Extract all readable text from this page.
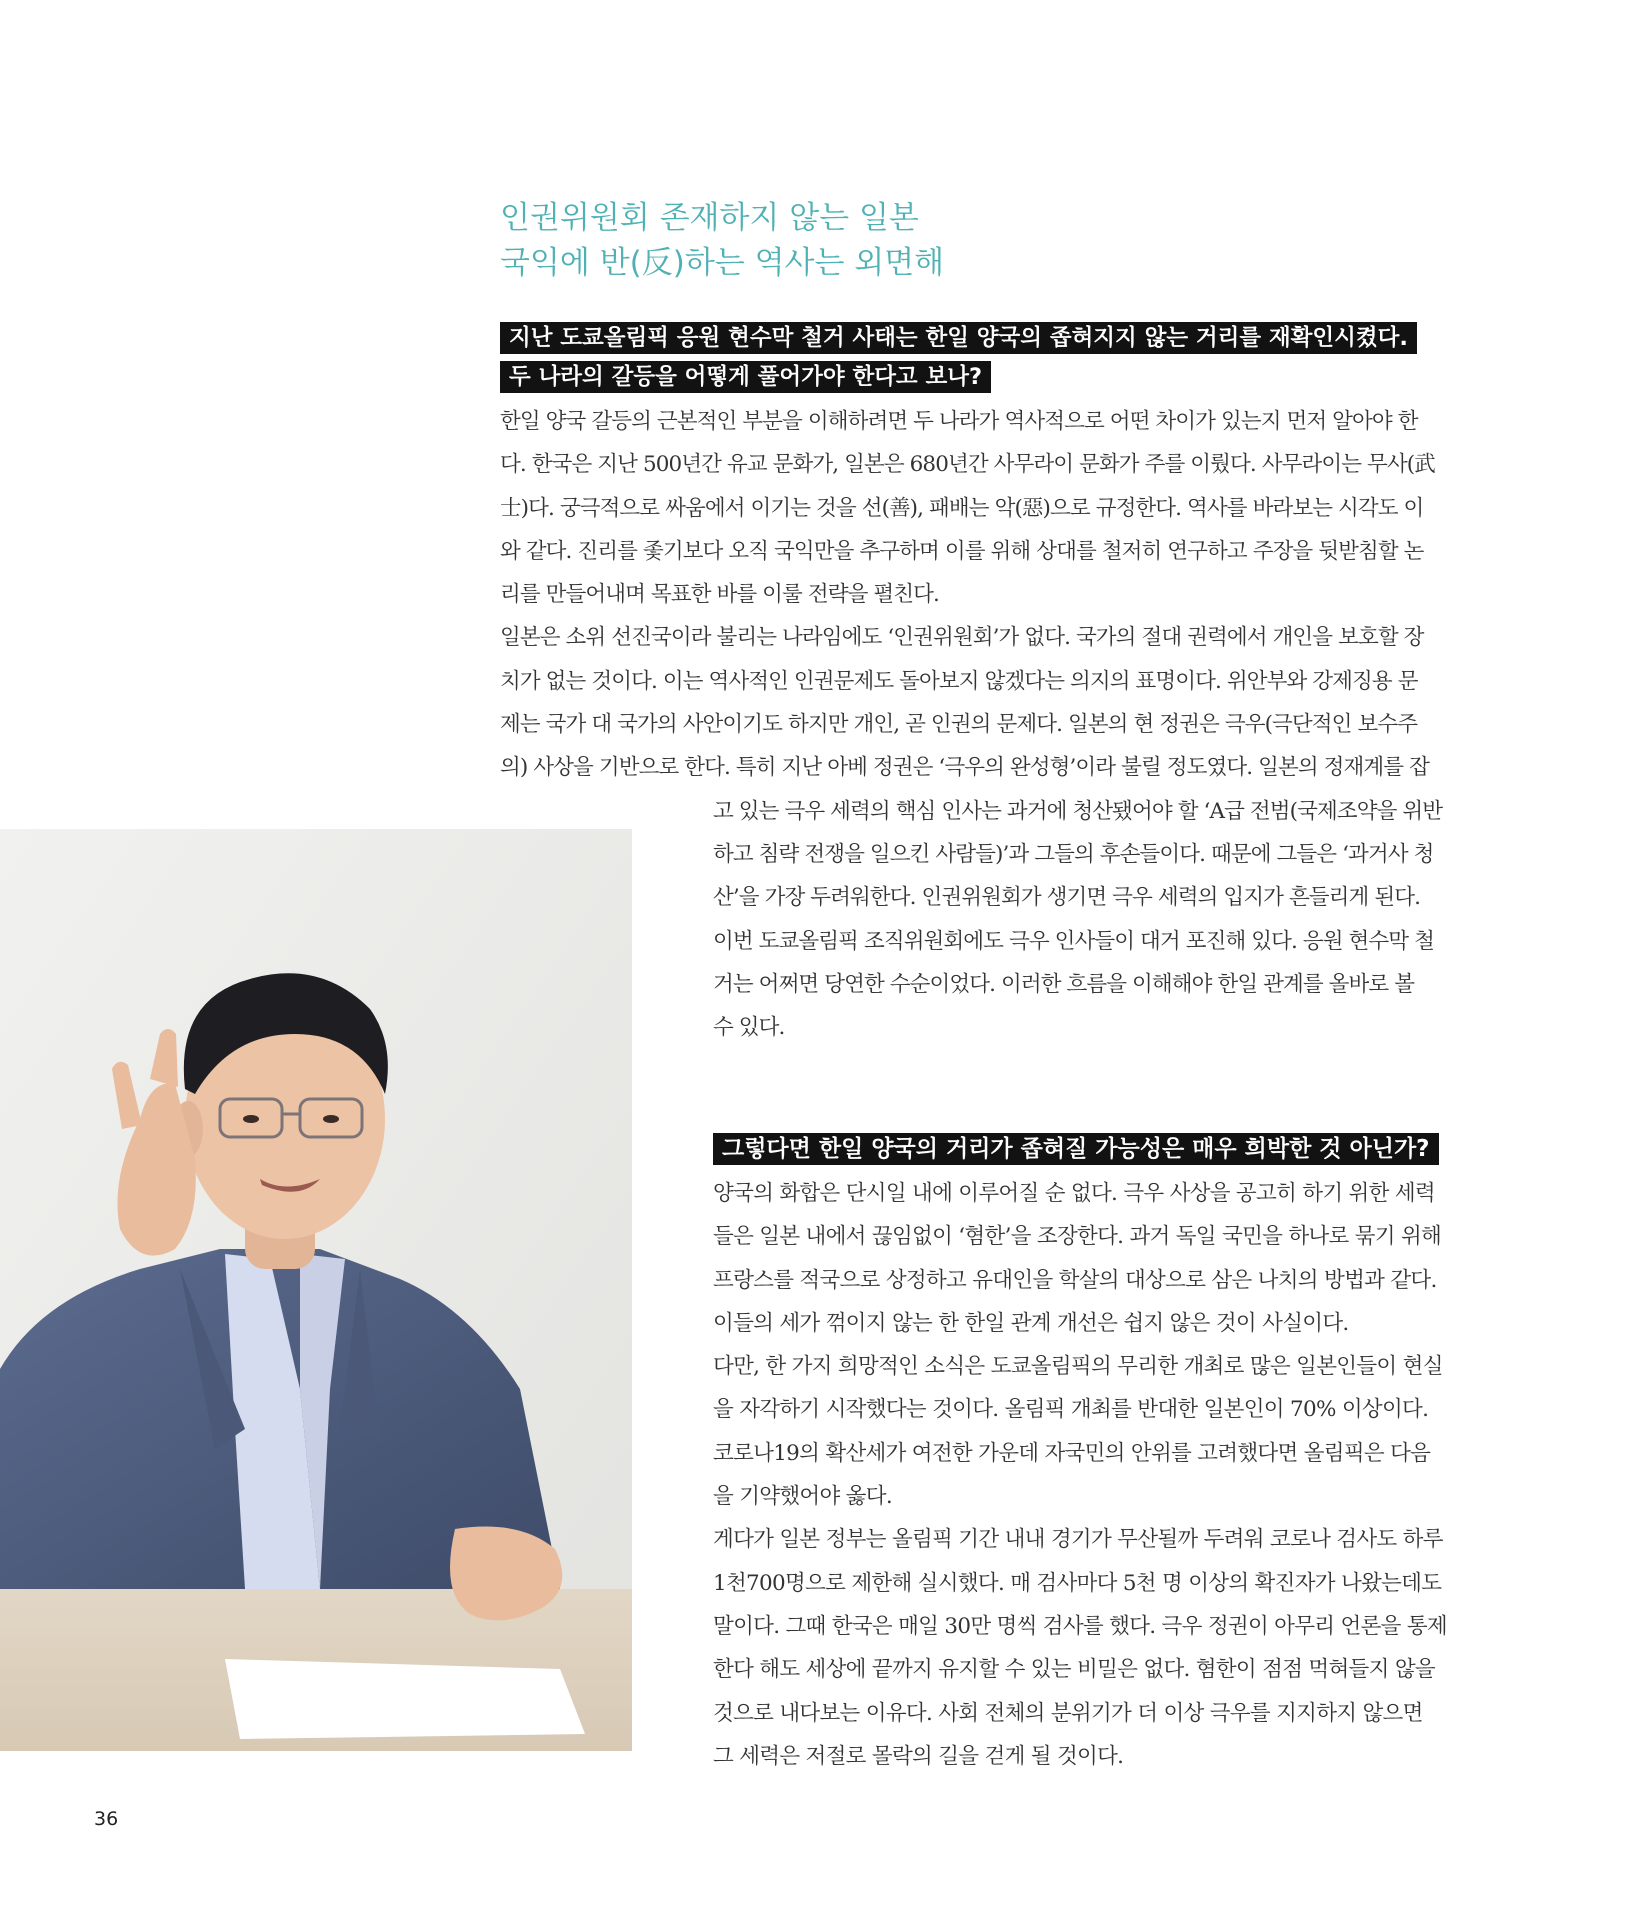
인권위원회 존재하지 않는 일본
국익에 반(反)하는 역사는 외면해
지난 도쿄올림픽 응원 현수막 철거 사태는 한일 양국의 좁혀지지 않는 거리를 재확인시켰다.
두 나라의 갈등을 어떻게 풀어가야 한다고 보나?
한일 양국 갈등의 근본적인 부분을 이해하려면 두 나라가 역사적으로 어떤 차이가 있는지 먼저 알아야 한
다. 한국은 지난 500년간 유교 문화가, 일본은 680년간 사무라이 문화가 주를 이뤘다. 사무라이는 무사(武
士)다. 궁극적으로 싸움에서 이기는 것을 선(善), 패배는 악(惡)으로 규정한다. 역사를 바라보는 시각도 이
와 같다. 진리를 좇기보다 오직 국익만을 추구하며 이를 위해 상대를 철저히 연구하고 주장을 뒷받침할 논
리를 만들어내며 목표한 바를 이룰 전략을 펼친다.
일본은 소위 선진국이라 불리는 나라임에도 ‘인권위원회’가 없다. 국가의 절대 권력에서 개인을 보호할 장
치가 없는 것이다. 이는 역사적인 인권문제도 돌아보지 않겠다는 의지의 표명이다. 위안부와 강제징용 문
제는 국가 대 국가의 사안이기도 하지만 개인, 곧 인권의 문제다. 일본의 현 정권은 극우(극단적인 보수주
의) 사상을 기반으로 한다. 특히 지난 아베 정권은 ‘극우의 완성형’이라 불릴 정도였다. 일본의 정재계를 잡
고 있는 극우 세력의 핵심 인사는 과거에 청산됐어야 할 ‘A급 전범(국제조약을 위반
하고 침략 전쟁을 일으킨 사람들)’과 그들의 후손들이다. 때문에 그들은 ‘과거사 청
산’을 가장 두려워한다. 인권위원회가 생기면 극우 세력의 입지가 흔들리게 된다.
이번 도쿄올림픽 조직위원회에도 극우 인사들이 대거 포진해 있다. 응원 현수막 철
거는 어쩌면 당연한 수순이었다. 이러한 흐름을 이해해야 한일 관계를 올바로 볼
수 있다.
그렇다면 한일 양국의 거리가 좁혀질 가능성은 매우 희박한 것 아닌가?
양국의 화합은 단시일 내에 이루어질 순 없다. 극우 사상을 공고히 하기 위한 세력
들은 일본 내에서 끊임없이 ‘혐한’을 조장한다. 과거 독일 국민을 하나로 묶기 위해
프랑스를 적국으로 상정하고 유대인을 학살의 대상으로 삼은 나치의 방법과 같다.
이들의 세가 꺾이지 않는 한 한일 관계 개선은 쉽지 않은 것이 사실이다.
다만, 한 가지 희망적인 소식은 도쿄올림픽의 무리한 개최로 많은 일본인들이 현실
을 자각하기 시작했다는 것이다. 올림픽 개최를 반대한 일본인이 70% 이상이다.
코로나19의 확산세가 여전한 가운데 자국민의 안위를 고려했다면 올림픽은 다음
을 기약했어야 옳다.
게다가 일본 정부는 올림픽 기간 내내 경기가 무산될까 두려워 코로나 검사도 하루
1천700명으로 제한해 실시했다. 매 검사마다 5천 명 이상의 확진자가 나왔는데도
말이다. 그때 한국은 매일 30만 명씩 검사를 했다. 극우 정권이 아무리 언론을 통제
한다 해도 세상에 끝까지 유지할 수 있는 비밀은 없다. 혐한이 점점 먹혀들지 않을
것으로 내다보는 이유다. 사회 전체의 분위기가 더 이상 극우를 지지하지 않으면
그 세력은 저절로 몰락의 길을 걷게 될 것이다.
36
